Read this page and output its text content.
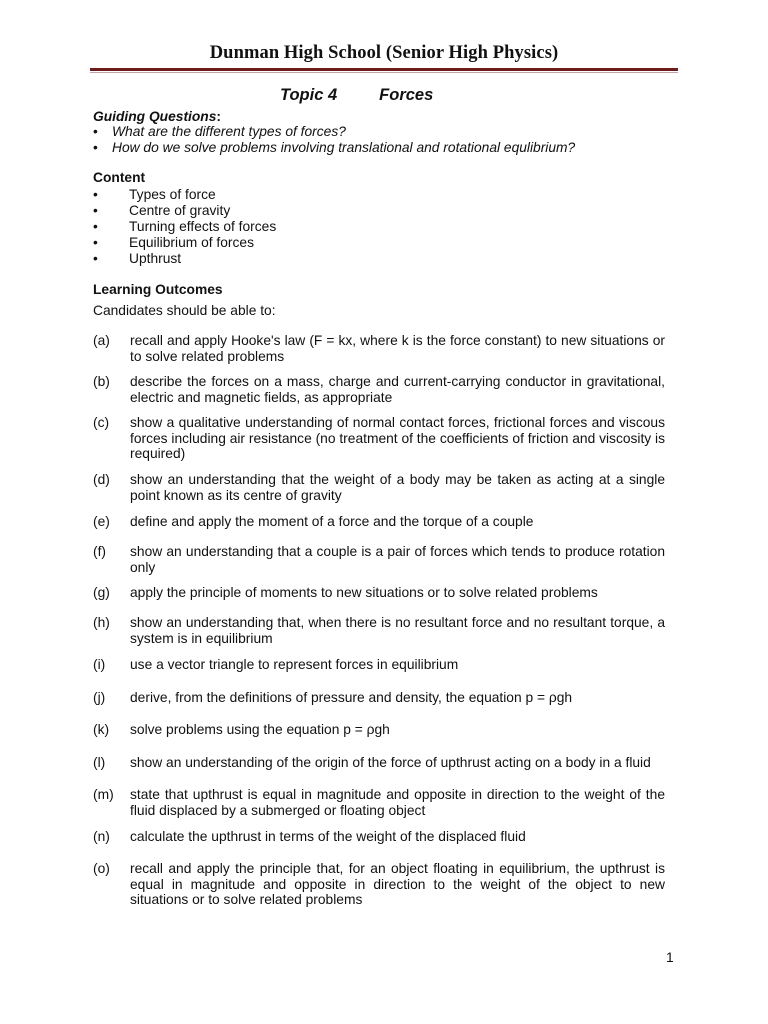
Dunman High School (Senior High Physics)
Topic 4	Forces
Guiding Questions:
• What are the different types of forces?
• How do we solve problems involving translational and rotational equlibrium?
Content
• Types of force
• Centre of gravity
• Turning effects of forces
• Equilibrium of forces
• Upthrust
Learning Outcomes
Candidates should be able to:
(a) recall and apply Hooke's law (F = kx, where k is the force constant) to new situations or to solve related problems
(b) describe the forces on a mass, charge and current-carrying conductor in gravitational, electric and magnetic fields, as appropriate
(c) show a qualitative understanding of normal contact forces, frictional forces and viscous forces including air resistance (no treatment of the coefficients of friction and viscosity is required)
(d) show an understanding that the weight of a body may be taken as acting at a single point known as its centre of gravity
(e) define and apply the moment of a force and the torque of a couple
(f) show an understanding that a couple is a pair of forces which tends to produce rotation only
(g) apply the principle of moments to new situations or to solve related problems
(h) show an understanding that, when there is no resultant force and no resultant torque, a system is in equilibrium
(i) use a vector triangle to represent forces in equilibrium
(j) derive, from the definitions of pressure and density, the equation p = ρgh
(k) solve problems using the equation p = ρgh
(l) show an understanding of the origin of the force of upthrust acting on a body in a fluid
(m) state that upthrust is equal in magnitude and opposite in direction to the weight of the fluid displaced by a submerged or floating object
(n) calculate the upthrust in terms of the weight of the displaced fluid
(o) recall and apply the principle that, for an object floating in equilibrium, the upthrust is equal in magnitude and opposite in direction to the weight of the object to new situations or to solve related problems
1
